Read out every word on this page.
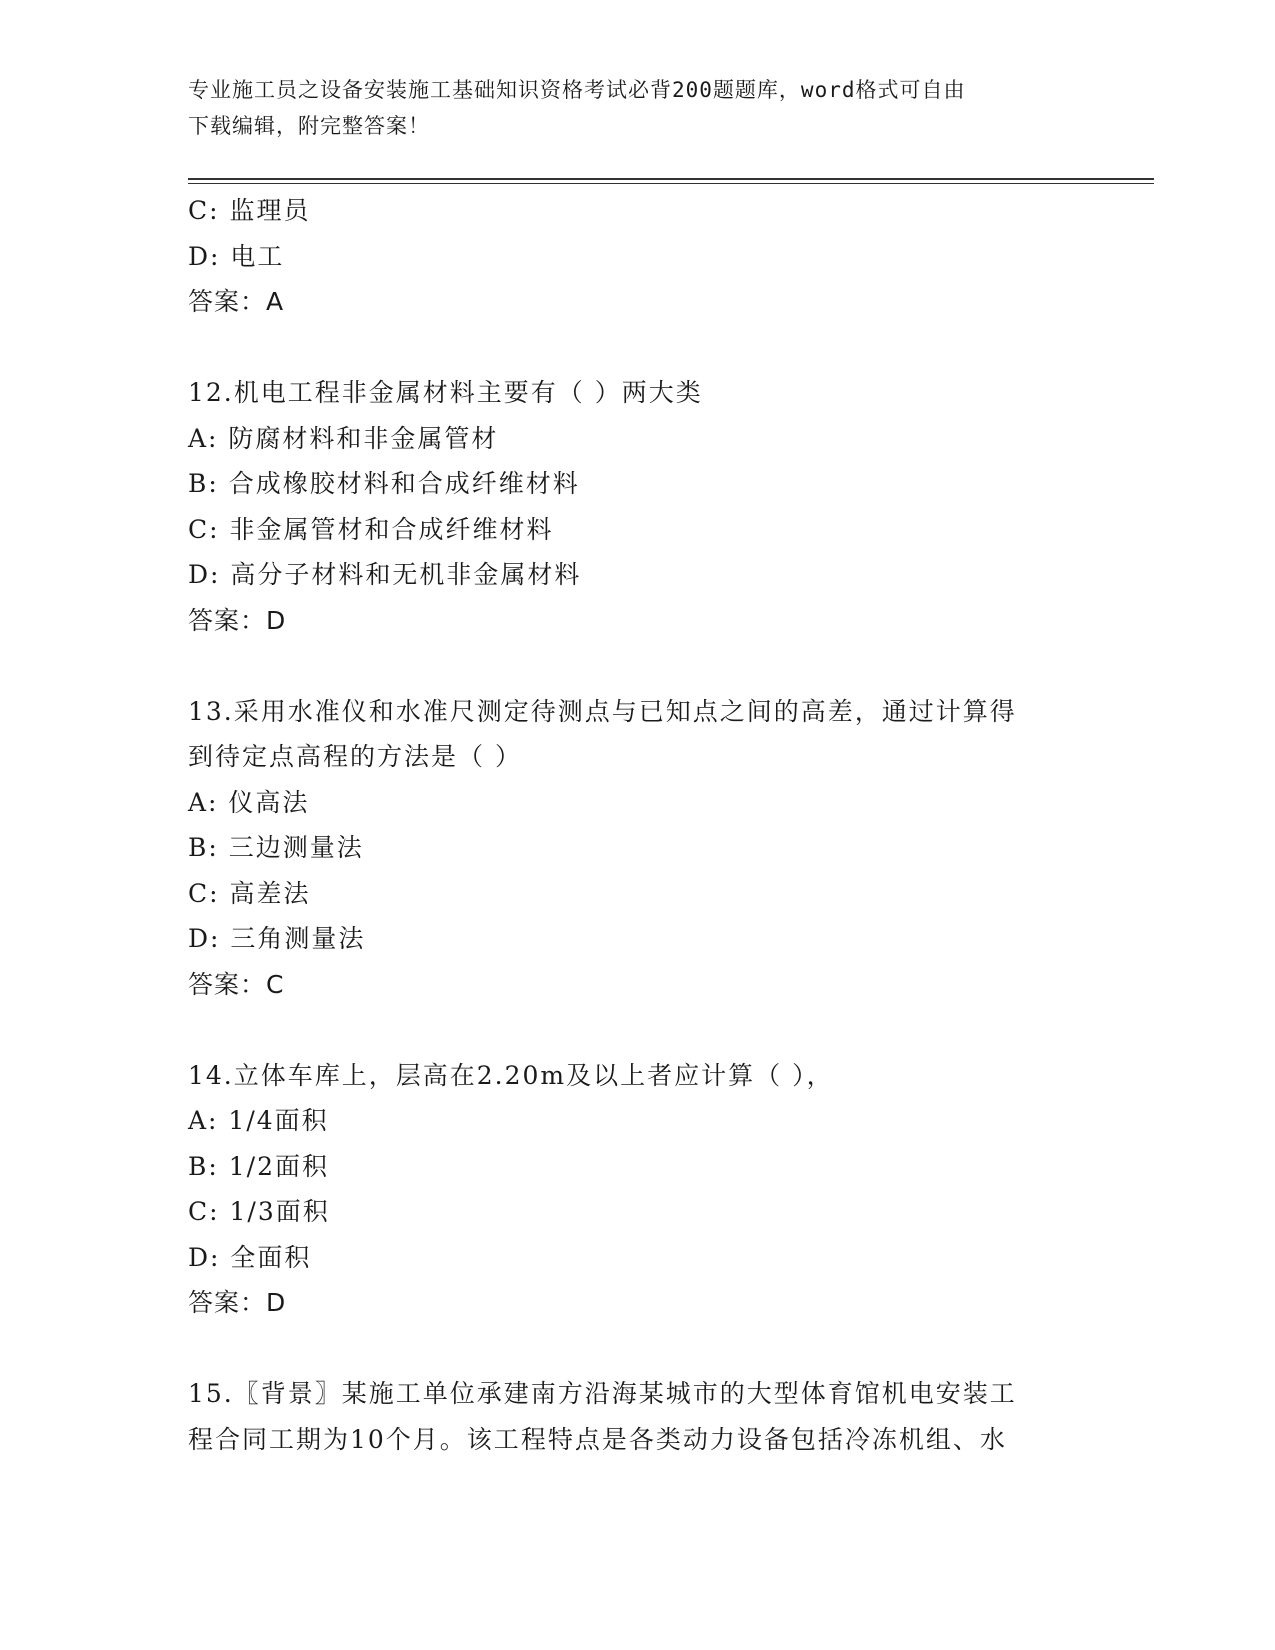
专业施工员之设备安装施工基础知识资格考试必背200题题库，word格式可自由
下载编辑，附完整答案！
C: 监理员
D: 电工
答案：A
12.机电工程非金属材料主要有（ ）两大类
A: 防腐材料和非金属管材
B: 合成橡胶材料和合成纤维材料
C: 非金属管材和合成纤维材料
D: 高分子材料和无机非金属材料
答案：D
13.采用水准仪和水准尺测定待测点与已知点之间的高差，通过计算得
到待定点高程的方法是（ ）
A: 仪高法
B: 三边测量法
C: 高差法
D: 三角测量法
答案：C
14.立体车库上，层高在2.20m及以上者应计算（ ），
A: 1/4面积
B: 1/2面积
C: 1/3面积
D: 全面积
答案：D
15.〖背景〗某施工单位承建南方沿海某城市的大型体育馆机电安装工
程合同工期为10个月。该工程特点是各类动力设备包括冷冻机组、水
